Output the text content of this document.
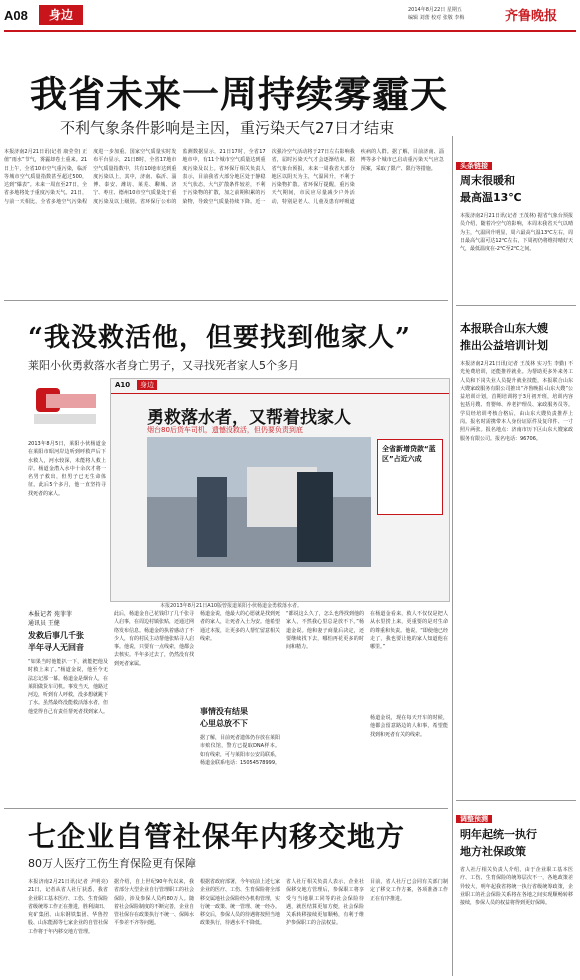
A08	身边	2014年8月22日 星期五
编辑 刘蕾 校对 张敬 李梅	齐鲁晚报
我省未来一周持续雾霾天
不利气象条件影响是主因，重污染天气27日才结束
本报济南2月21日讯(记者 康莹莹) 正值“雨水”节气，雾霾却卷土重来。21日上午，全省10市空气重污染，临沂等城市空气质量指数甚至超过500，达到“爆表”。未来一周直至27日，全省多地将处于重度污染天气。21日，与前一天相比，全省多地空气污染程度进一步加重。国家空气质量实时发布平台显示，21日8时，全省17地市空气质量指数中，共有10地市达到重度污染以上，其中，济南、临沂、淄博、泰安、潍坊、莱芜、聊城、济宁、枣庄、德州10市空气质量处于重度污染及以上级别。省环保厅公布的监测数据显示，21日17时，全省17地市中，有11个城市空气质量达到重度污染及以上。省环保厅相关负责人表示，目前我省大部分地区处于静稳天气状态，大气扩散条件较差，不利于污染物的扩散，加之前期积累的污染物，导致空气质量持续下降。近一次强冷空气活动将于27日左右影响我省，届时污染天气才会逐渐结束。据省气象台预报，未来一周我省大部分地区以阴天为主，气温回升，不利于污染物扩散。省环保厅提醒，重污染天气期间，市民应尽量减少户外活动，特别是老人、儿童及患有呼吸道疾病的人群。据了解，目前济南、淄博等多个城市已启动重污染天气应急预案，采取了限产、限行等措施。	头条链接
周末很暖和
最高温13℃
本报济南2月21日讯(记者 王茂林) 据省气象台预报员介绍，随着冷空气的影响，本周末我省天气以晴为主，气温回升明显，周六最高气温13℃左右，周日最高气温可达12℃左右，下周初仍将维持晴好天气，最低温度在-2℃至2℃之间。
本报联合山东大嫂
推出公益培训计划
本报济南2月21日讯(记者 王茂林 实习生 李勤) 不光免费培训，还能推荐就业。为帮助更多外来务工人员和下岗失业人员提升就业技能，本报联合山东大嫂家政服务有限公司推出“齐鲁晚报·山东大嫂”公益培训计划，首期培训将于3月初开班，培训内容包括月嫂、育婴师、养老护理员、家政服务员等。学员经培训考核合格后，由山东大嫂负责推荐上岗。报名时需携带本人身份证原件及复印件、一寸照片两张。报名地点：济南市历下区山东大嫂家政服务有限公司。报名电话：96706。
调整预测
明年起统一执行
地方社保政策
省人社厅相关负责人介绍，由于企业职工基本医疗、工伤、生育保险的统筹层次不一，各地政策差异较大，明年起我省将统一执行省级统筹政策，企业职工的社会保险关系将在各地之间实现顺畅转移接续，参保人员的权益将得到更好保障。
“我没救活他，但要找到他家人”
莱阳小伙勇救落水者身亡男子，又寻找死者家人5个多月
2013年8月5日，莱阳小伙杨道金在莱阳市昭河岸边听到呼救声后下水救人，河水较深，未能将人救上岸。杨道金潜入水中十余次才将一名男子救出，但男子已无生命体征。此后5个多月，他一直坚持寻找死者的家人。
A10	身边
勇救落水者，又帮着找家人
烟台80后货车司机，遗憾没救活，但仍要负责到底
全省新增贷款“蓝区”占近六成
本报2013年8月21日A10版曾报道莱阳小伙杨道金勇救落水者。
本报记者 苑菲菲
通讯员 王健
发救后事几千张
半年寻人无回音
“如果当时他能扒一下，就能把他及时救上来了。”杨道金说，他至今无法忘记那一幕。杨道金是烟台人，在莱阳做货车司机。事发当天，他路过河边，听到有人呼救，没多想就跳下了水。虽然最终没能救活落水者，但他觉得自己有责任帮死者找到家人。
此后，杨道金自己花钱印了几千张寻人启事，在周边村镇张贴，还通过网络发布信息。杨道金的执着感动了不少人，有的村民主动帮他张贴寻人启事。他说，只要有一点线索，他都会去核实。半年多过去了，仍然没有找到死者家属。
杨道金说，他最大的心愿就是找到死者的家人，让死者入土为安。他希望通过本报，让更多的人帮忙留意相关线索。
事情没有结果
心里总放不下
据了解，目前死者遗体仍存放在莱阳市殡仪馆，警方已提取DNA样本。如有线索，可与莱阳市公安局联系，杨道金联系电话：15054578999。
“都说这么久了，怎么也得找到他的家人，不然我心里总是放不下。”杨道金说。他和妻子商量后决定，还要继续找下去，哪怕再花更多的时间和精力。
在杨道金看来，救人不仅仅是把人从水里捞上来，更重要的是对生命的尊重和负责。他说，“即使他已经走了，我也要让他的家人知道他在哪里。”
杨道金说，现在每天开车的时候，他都会留意路边的人和事，希望能找到和死者有关的线索。
七企业自管社保年内移交地方
80万人医疗工伤生育保险更有保障
本报济南2月21日讯(记者 尹明亮) 21日，记者从省人社厅获悉，我省企业职工基本医疗、工伤、生育保险省级统筹工作正在推进，胜利油田、兖矿集团、山东钢铁集团、华鲁控股、山东能源等七家企业的自管社保工作将于年内移交地方管理。
据介绍，自上世纪90年代以来，我省部分大型企业自行管理职工的社会保险，涉及参保人员约80万人。随着社会保险制度的不断完善，企业自管社保存在政策执行不统一、保障水平参差不齐等问题。
根据省政府部署，今年底前上述七家企业的医疗、工伤、生育保险将全部移交属地社会保险经办机构管理，实行统一政策、统一管理、统一经办。移交后，参保人员的待遇将按照当地政策执行，待遇水平不降低。
省人社厅相关负责人表示，企业社保移交地方管理后，参保职工将享受与当地职工同等的社会保险待遇，就医结算更加方便，社会保险关系转移接续更加顺畅，有利于维护参保职工的合法权益。
目前，省人社厅已会同有关部门制定了移交工作方案，各项准备工作正在有序推进。
